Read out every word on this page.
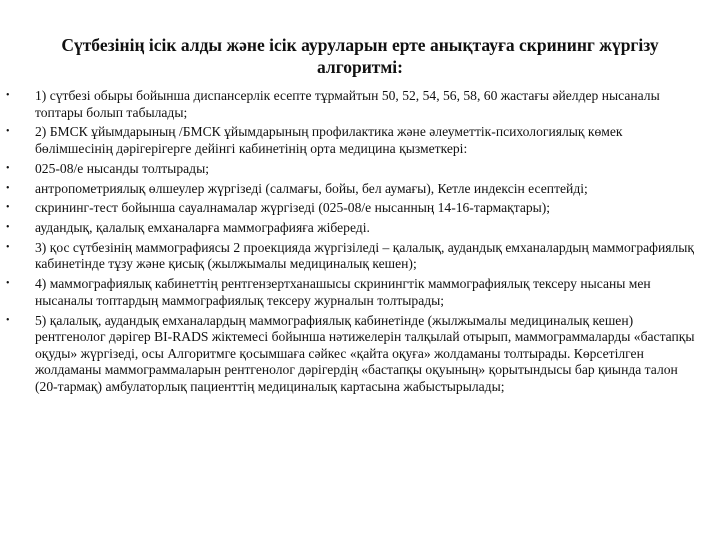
Сүтбезінің ісік алды және ісік ауруларын ерте анықтауға скрининг жүргізу алгоритмі:
• 1) сүтбезі обыры бойынша диспансерлік есепте тұрмайтын 50, 52, 54, 56, 58, 60 жастағы әйелдер нысаналы топтары болып табылады;
• 2) БМСК ұйымдарының /БМСК ұйымдарының профилактика және әлеуметтік-психологиялық көмек бөлімшесінің дәрігерігерге дейінгі кабинетінің орта медицина қызметкері:
• 025-08/е нысанды толтырады;
• антропометриялық өлшеулер жүргізеді (салмағы, бойы, бел аумағы), Кетле индексін есептейді;
• скрининг-тест бойынша сауалнамалар жүргізеді (025-08/е нысанның 14-16-тармақтары);
• аудандық, қалалық емханаларға маммографияға жібереді.
• 3) қос сүтбезінің маммографиясы 2 проекцияда жүргізіледі – қалалық, аудандық емханалардың маммографиялық кабинетінде тұзу және қисық (жылжымалы медициналық кешен);
• 4) маммографиялық кабинеттің рентгензертханашысы скринингтік маммографиялық тексеру нысаны мен нысаналы топтардың маммографиялық тексеру журналын толтырады;
• 5) қалалық, аудандық емханалардың маммографиялық кабинетінде (жылжымалы медициналық кешен) рентгенолог дәрігер BI-RADS жіктемесі бойынша нәтижелерін талқылай отырып, маммограммаларды «бастапқы оқуды» жүргізеді, осы Алгоритмге қосымшаға сәйкес «қайта оқуға» жолдаманы толтырады. Көрсетілген жолдаманы маммограммаларын рентгенолог дәрігердің «бастапқы оқуының» қорытындысы бар қиында талон (20-тармақ) амбулаторлық пациенттің медициналық картасына жабыстырылады;
